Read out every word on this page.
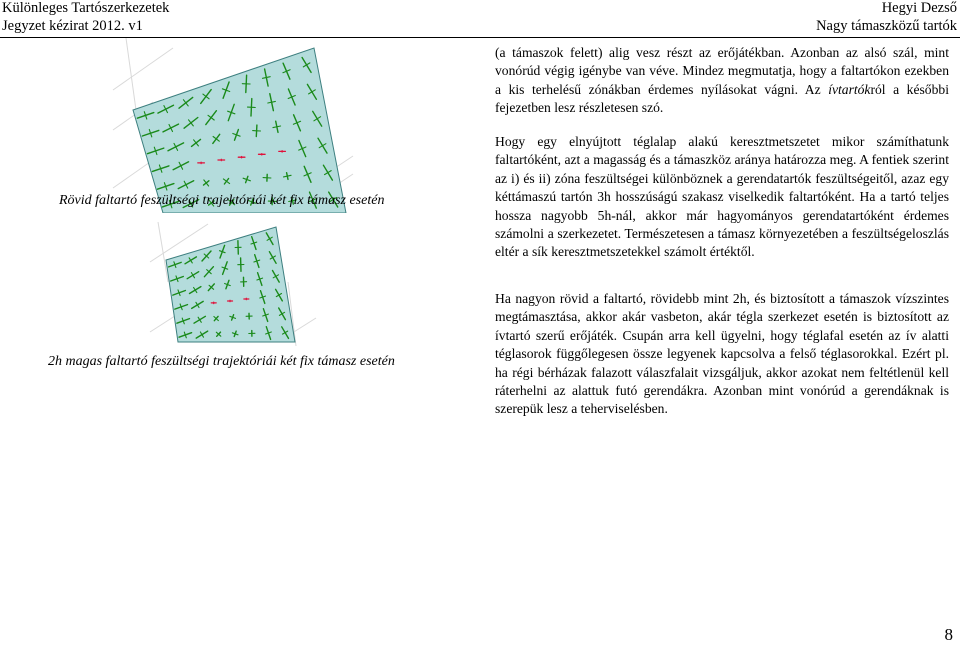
Különleges Tartószerkezetek
Jegyzet kézirat 2012. v1
Hegyi Dezső
Nagy támaszközű tartók
Rövid faltartó feszültségi trajektóriái két fix támasz esetén
2h magas faltartó feszültségi trajektóriái két fix támasz esetén

(a támaszok felett) alig vesz részt az erőjátékban. Azonban az alsó szál, mint vonórúd végig igénybe van véve. Mindez megmutatja, hogy a faltartókon ezekben a kis terhelésű zónákban érdemes nyílásokat vágni. Az ívtartókról a későbbi fejezetben lesz részletesen szó.

Hogy egy elnyújtott téglalap alakú keresztmetszetet mikor számíthatunk faltartóként, azt a magasság és a támaszköz aránya határozza meg. A fentiek szerint az i) és ii) zóna feszültségei különböznek a gerendatartók feszültségeitől, azaz egy kéttámaszú tartón 3h hosszúságú szakasz viselkedik faltartóként. Ha a tartó teljes hossza nagyobb 5h-nál, akkor már hagyományos gerendatartóként érdemes számolni a szerkezetet. Természetesen a támasz környezetében a feszültségeloszlás eltér a sík keresztmetszetekkel számolt értéktől.

Ha nagyon rövid a faltartó, rövidebb mint 2h, és biztosított a támaszok vízszintes megtámasztása, akkor akár vasbeton, akár tégla szerkezet esetén is biztosított az ívtartó szerű erőjáték. Csupán arra kell ügyelni, hogy téglafal esetén az ív alatti téglasorok függőlegesen össze legyenek kapcsolva a felső téglasorokkal. Ezért pl. ha régi bérházak falazott válaszfalait vizsgáljuk, akkor azokat nem feltétlenül kell ráterhelni az alattuk futó gerendákra. Azonban mint vonórúd a gerendáknak is szerepük lesz a teherviselésben.

8
